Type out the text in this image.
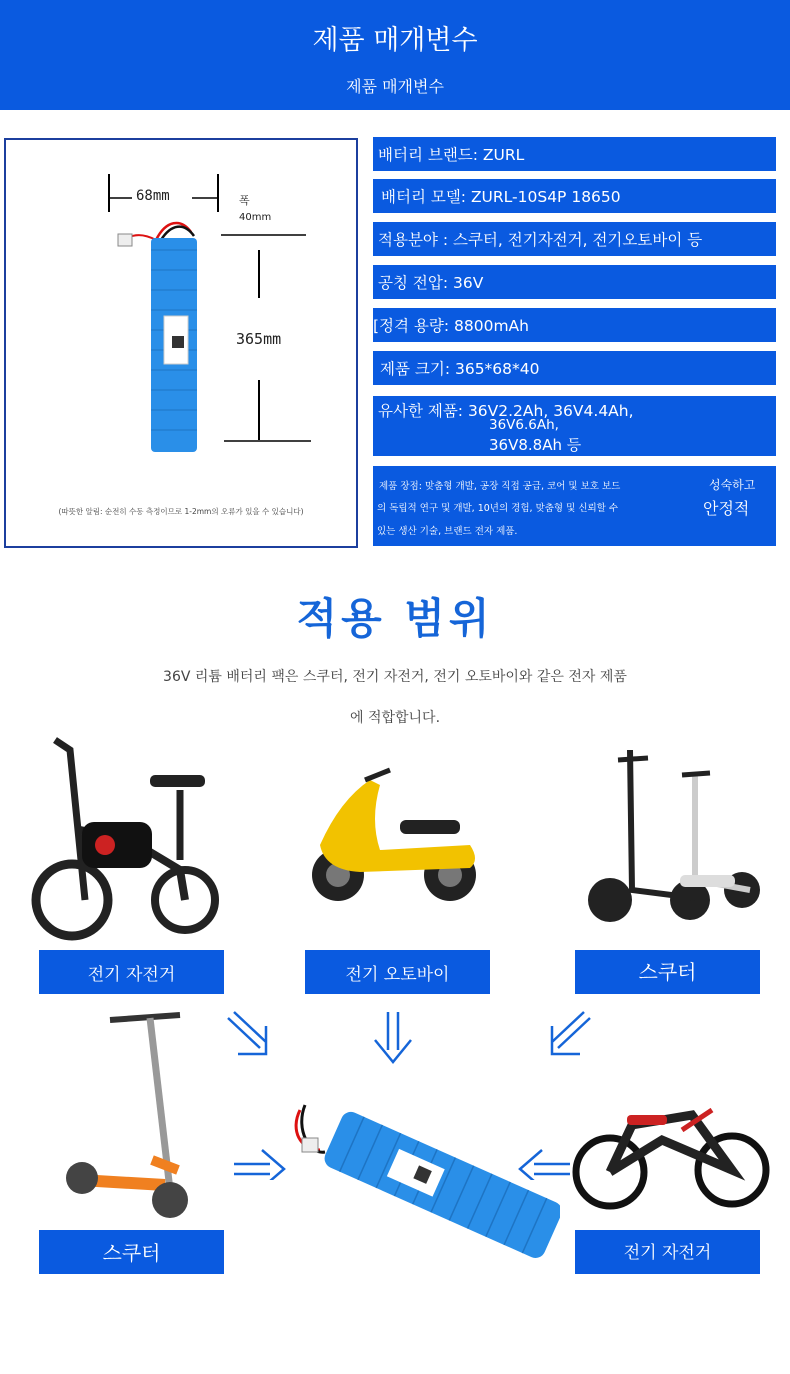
제품 매개변수
제품 매개변수
68mm	폭
40mm
365mm
(따뜻한 알림: 순전히 수동 측정이므로 1-2mm의 오류가 있을 수 있습니다)
배터리 브랜드: ZURL
배터리 모델: ZURL-10S4P 18650
적용분야 : 스쿠터, 전기자전거, 전기오토바이 등
공칭 전압: 36V
[정격 용량: 8800mAh
제품 크기: 365*68*40
유사한 제품: 36V2.2Ah, 36V4.4Ah,
36V6.6Ah,
36V8.8Ah 등
제품 장점: 맞춤형 개발, 공장 직접 공급, 코어 및 보호 보드
의 독립적 연구 및 개발, 10년의 경험, 맞춤형 및 신뢰할 수
있는 생산 기술, 브랜드 전자 제품.
성숙하고
안정적
적용 범위
36V 리튬 배터리 팩은 스쿠터, 전기 자전거, 전기 오토바이와 같은 전자 제품
에 적합합니다.
전기 자전거	전기 오토바이	스쿠터
스쿠터	전기 자전거
